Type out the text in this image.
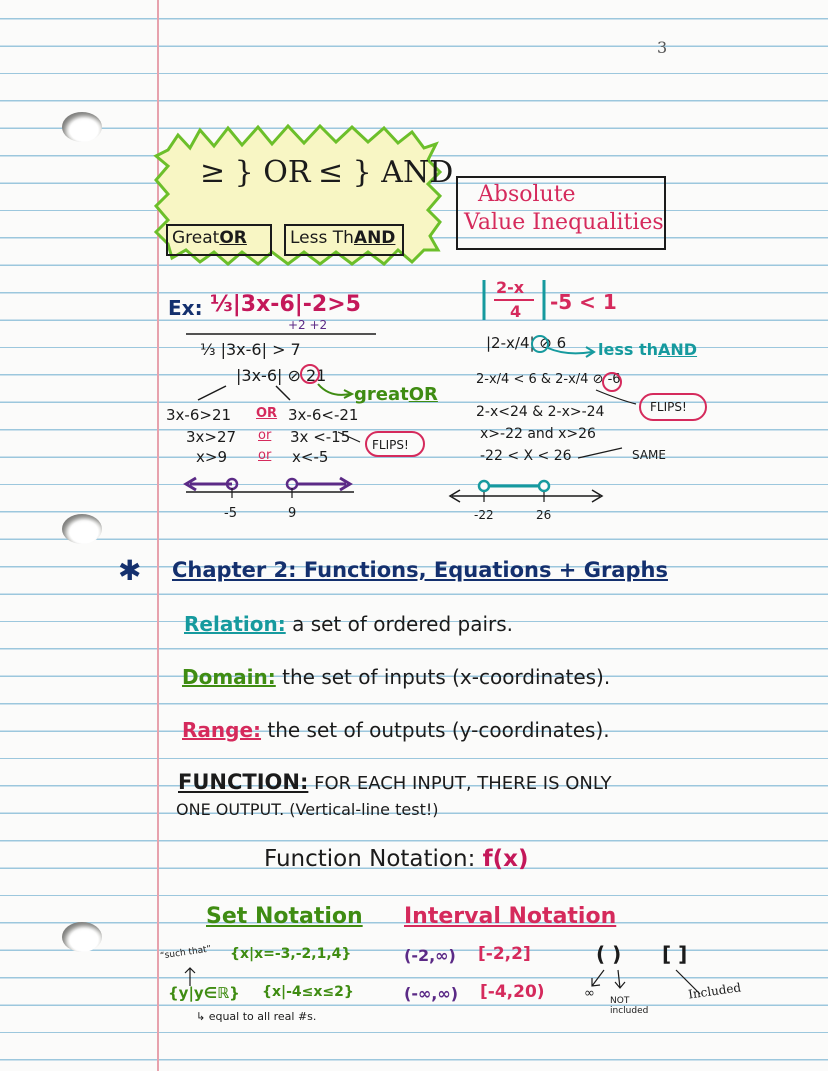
3
≥ } OR ≤ } AND
GreatOR	Less ThAND
Absolute
Value Inequalities
Ex: ⅓|3x-6|-2>5
+2 +2
⅓ |3x-6| > 7
|3x-6| ⊘ 21
greatOR
3x-6>21 OR 3x-6<-21
3x>27 or 3x <-15
x>9 or x<-5
FLIPS!
-5	9
2-x
4 -5 < 1
|2-x/4| ⊘ 6 less thAND
2-x/4 < 6 & 2-x/4 ⊘ -6
FLIPS!
2-x<24 & 2-x>-24
x>-22 and x>26
-22 < X < 26	SAME
-22	26
✱ Chapter 2: Functions, Equations + Graphs
Relation: a set of ordered pairs.
Domain: the set of inputs (x-coordinates).
Range: the set of outputs (y-coordinates).
FUNCTION: FOR EACH INPUT, THERE IS ONLY
ONE OUTPUT. (Vertical-line test!)
Function Notation: f(x)
Set Notation Interval Notation
“such that” {x|x=-3,-2,1,4}
{y|y∈ℝ} {x|-4≤x≤2}
↳ equal to all real #s.
(-2,∞) [-2,2]
(-∞,∞) [-4,20)
( ) [ ]
∞ NOT included
Included
